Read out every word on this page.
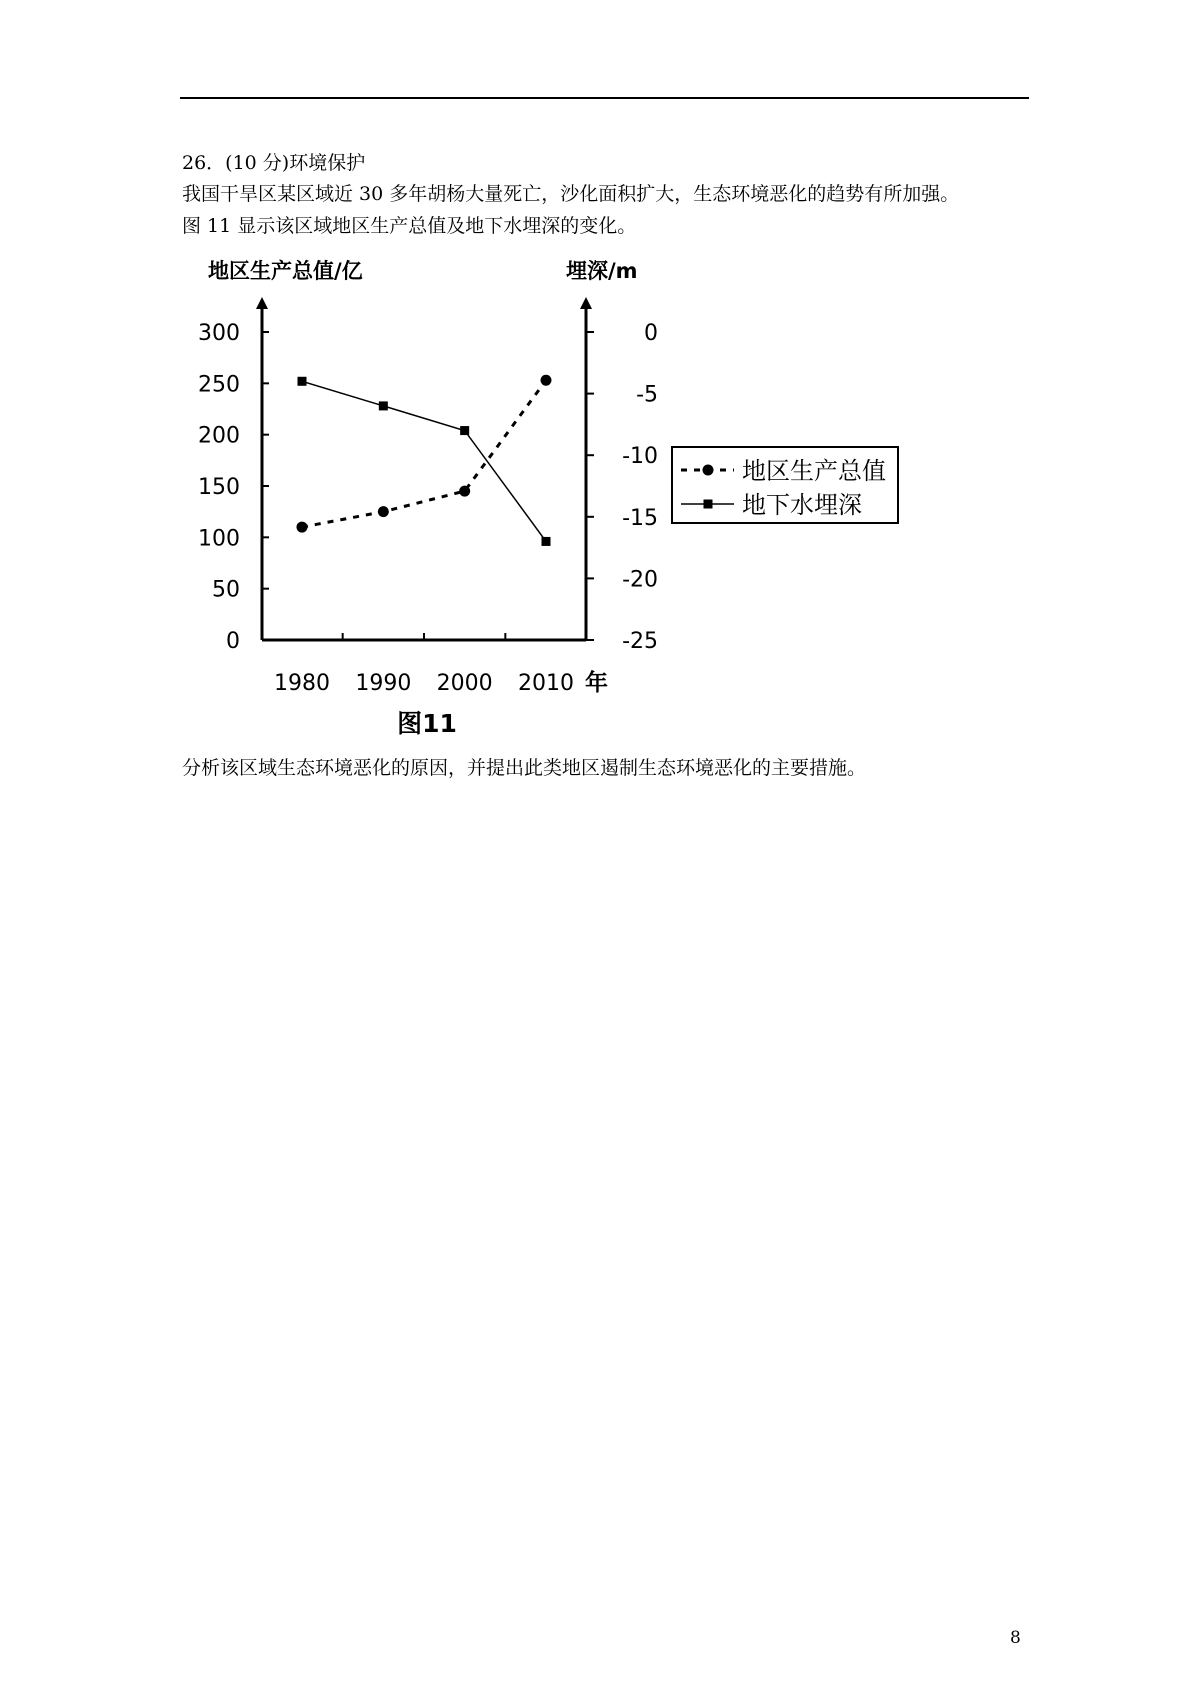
26．(10 分)环境保护
我国干旱区某区域近 30 多年胡杨大量死亡，沙化面积扩大，生态环境恶化的趋势有所加强。
图 11 显示该区域地区生产总值及地下水埋深的变化。
0
50
100
150
200
250
300
-25
-20
-15
-10
-5
0
1980 1990 2000 2010
地区生产总值
地下水埋深
地区生产总值/亿	埋深/m
年
图11
分析该区域生态环境恶化的原因，并提出此类地区遏制生态环境恶化的主要措施。
8
